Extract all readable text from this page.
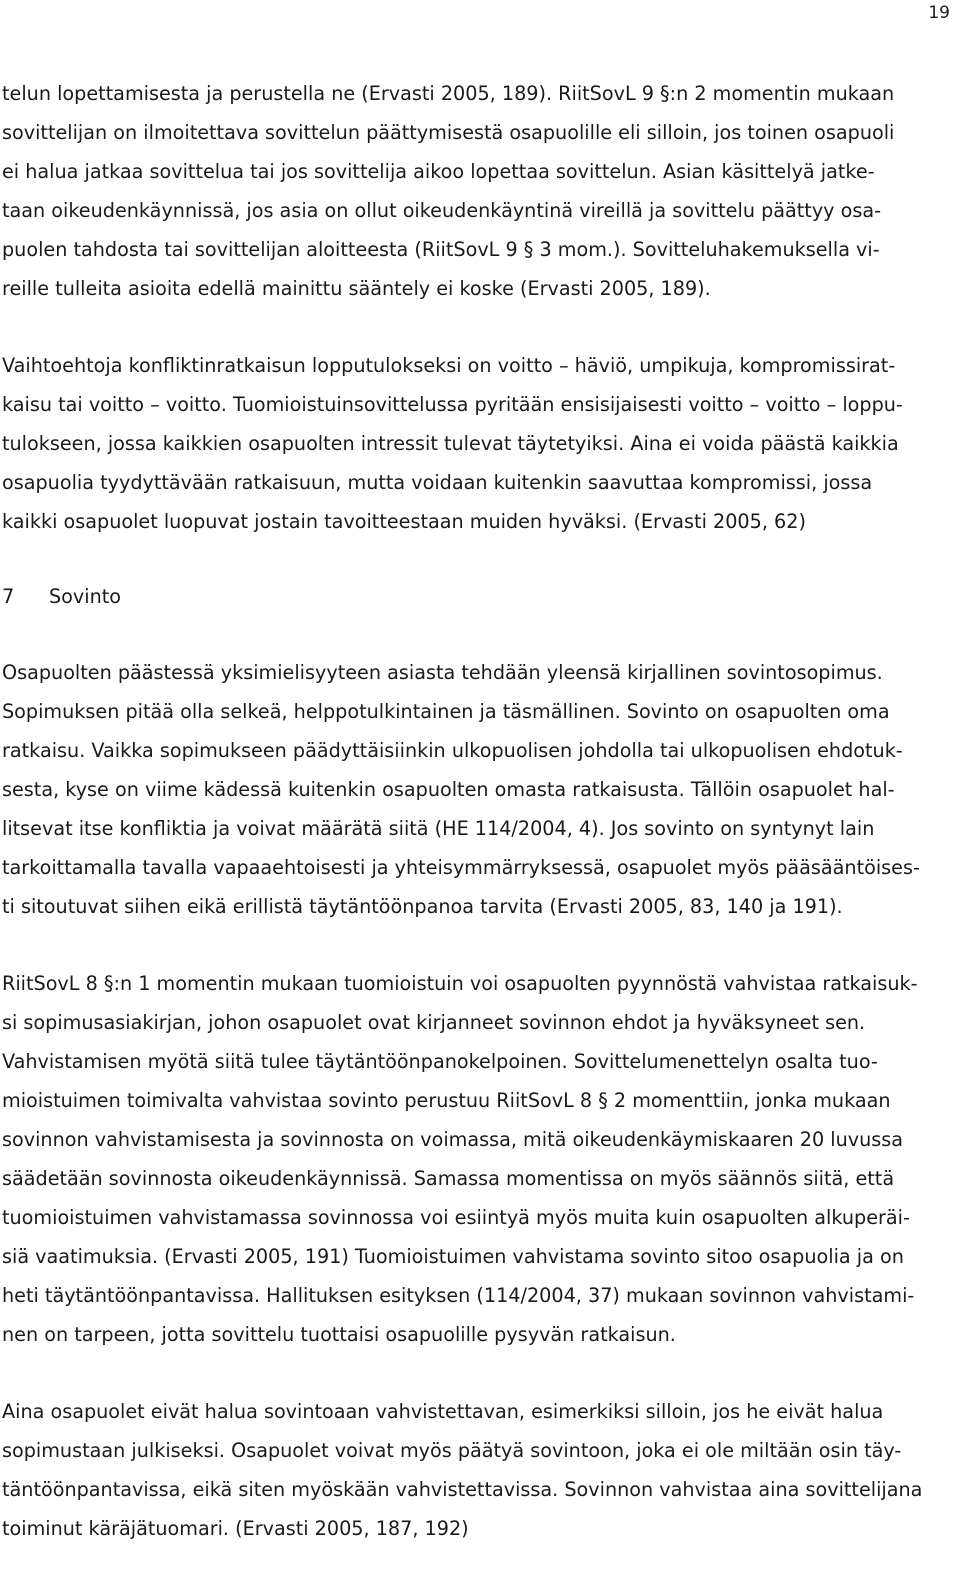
19
telun lopettamisesta ja perustella ne (Ervasti 2005, 189). RiitSovL 9 §:n 2 momentin mukaan
sovittelijan on ilmoitettava sovittelun päättymisestä osapuolille eli silloin, jos toinen osapuoli
ei halua jatkaa sovittelua tai jos sovittelija aikoo lopettaa sovittelun. Asian käsittelyä jatke-
taan oikeudenkäynnissä, jos asia on ollut oikeudenkäyntinä vireillä ja sovittelu päättyy osa-
puolen tahdosta tai sovittelijan aloitteesta (RiitSovL 9 § 3 mom.). Sovitteluhakemuksella vi-
reille tulleita asioita edellä mainittu sääntely ei koske (Ervasti 2005, 189).
Vaihtoehtoja konfliktinratkaisun lopputulokseksi on voitto – häviö, umpikuja, kompromissirat-
kaisu tai voitto – voitto. Tuomioistuinsovittelussa pyritään ensisijaisesti voitto – voitto – loppu-
tulokseen, jossa kaikkien osapuolten intressit tulevat täytetyiksi. Aina ei voida päästä kaikkia
osapuolia tyydyttävään ratkaisuun, mutta voidaan kuitenkin saavuttaa kompromissi, jossa
kaikki osapuolet luopuvat jostain tavoitteestaan muiden hyväksi. (Ervasti 2005, 62)
7 Sovinto
Osapuolten päästessä yksimielisyyteen asiasta tehdään yleensä kirjallinen sovintosopimus.
Sopimuksen pitää olla selkeä, helppotulkintainen ja täsmällinen. Sovinto on osapuolten oma
ratkaisu. Vaikka sopimukseen päädyttäisiinkin ulkopuolisen johdolla tai ulkopuolisen ehdotuk-
sesta, kyse on viime kädessä kuitenkin osapuolten omasta ratkaisusta. Tällöin osapuolet hal-
litsevat itse konfliktia ja voivat määrätä siitä (HE 114/2004, 4). Jos sovinto on syntynyt lain
tarkoittamalla tavalla vapaaehtoisesti ja yhteisymmärryksessä, osapuolet myös pääsääntöises-
ti sitoutuvat siihen eikä erillistä täytäntöönpanoa tarvita (Ervasti 2005, 83, 140 ja 191).
RiitSovL 8 §:n 1 momentin mukaan tuomioistuin voi osapuolten pyynnöstä vahvistaa ratkaisuk-
si sopimusasiakirjan, johon osapuolet ovat kirjanneet sovinnon ehdot ja hyväksyneet sen.
Vahvistamisen myötä siitä tulee täytäntöönpanokelpoinen. Sovittelumenettelyn osalta tuo-
mioistuimen toimivalta vahvistaa sovinto perustuu RiitSovL 8 § 2 momenttiin, jonka mukaan
sovinnon vahvistamisesta ja sovinnosta on voimassa, mitä oikeudenkäymiskaaren 20 luvussa
säädetään sovinnosta oikeudenkäynnissä. Samassa momentissa on myös säännös siitä, että
tuomioistuimen vahvistamassa sovinnossa voi esiintyä myös muita kuin osapuolten alkuperäi-
siä vaatimuksia. (Ervasti 2005, 191) Tuomioistuimen vahvistama sovinto sitoo osapuolia ja on
heti täytäntöönpantavissa. Hallituksen esityksen (114/2004, 37) mukaan sovinnon vahvistami-
nen on tarpeen, jotta sovittelu tuottaisi osapuolille pysyvän ratkaisun.
Aina osapuolet eivät halua sovintoaan vahvistettavan, esimerkiksi silloin, jos he eivät halua
sopimustaan julkiseksi. Osapuolet voivat myös päätyä sovintoon, joka ei ole miltään osin täy-
täntöönpantavissa, eikä siten myöskään vahvistettavissa. Sovinnon vahvistaa aina sovittelijana
toiminut käräjätuomari. (Ervasti 2005, 187, 192)
